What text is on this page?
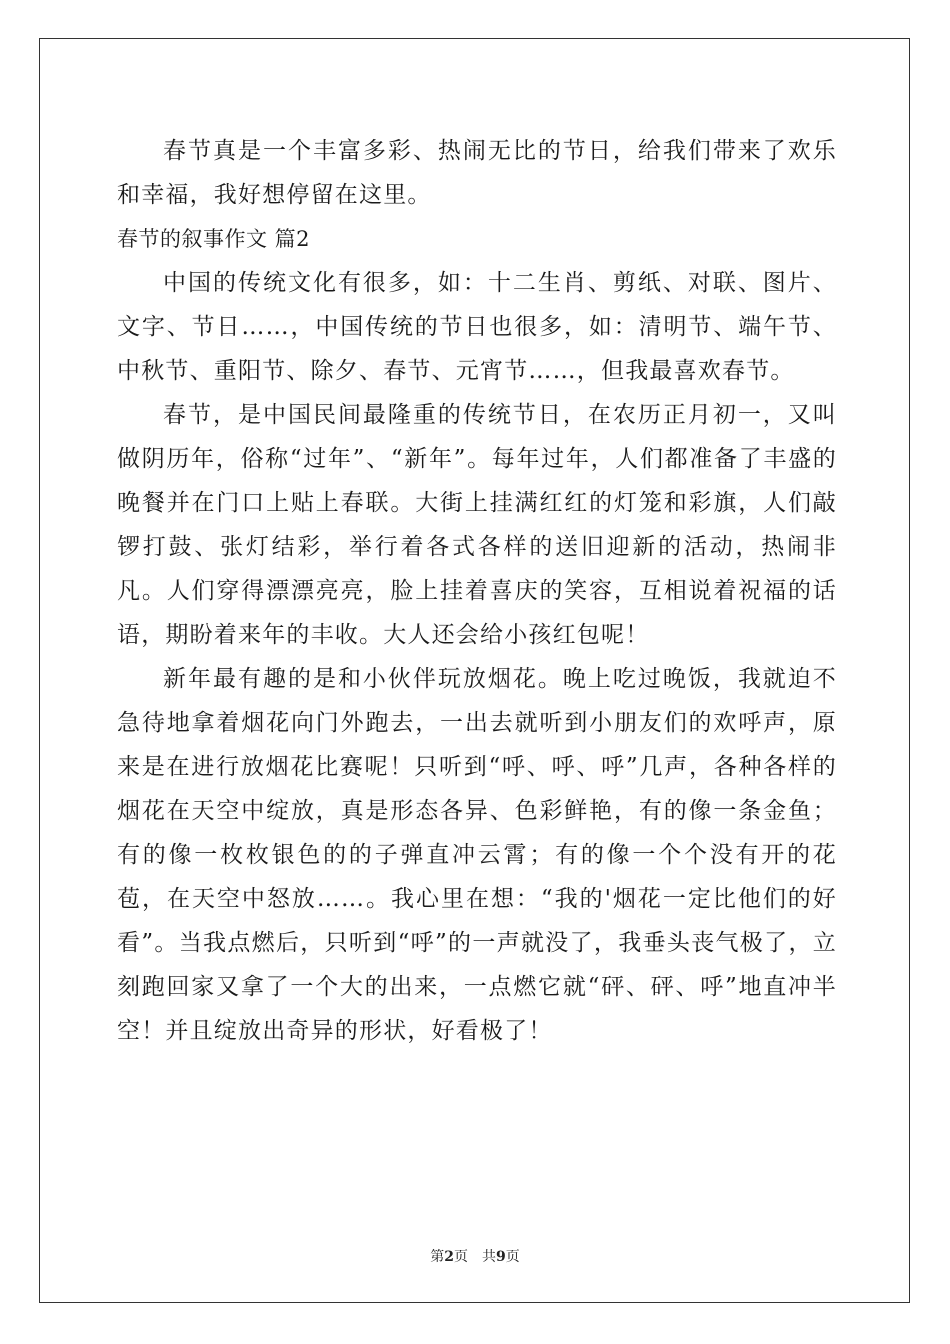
春节真是一个丰富多彩、热闹无比的节日，给我们带来了欢乐和幸福，我好想停留在这里。

春节的叙事作文 篇2

中国的传统文化有很多，如：十二生肖、剪纸、对联、图片、文字、节日……，中国传统的节日也很多，如：清明节、端午节、中秋节、重阳节、除夕、春节、元宵节……，但我最喜欢春节。

春节，是中国民间最隆重的传统节日，在农历正月初一，又叫做阴历年，俗称“过年”、“新年”。每年过年，人们都准备了丰盛的晚餐并在门口上贴上春联。大街上挂满红红的灯笼和彩旗，人们敲锣打鼓、张灯结彩，举行着各式各样的送旧迎新的活动，热闹非凡。人们穿得漂漂亮亮，脸上挂着喜庆的笑容，互相说着祝福的话语，期盼着来年的丰收。大人还会给小孩红包呢！

新年最有趣的是和小伙伴玩放烟花。晚上吃过晚饭，我就迫不急待地拿着烟花向门外跑去，一出去就听到小朋友们的欢呼声，原来是在进行放烟花比赛呢！只听到“呼、呼、呼”几声，各种各样的烟花在天空中绽放，真是形态各异、色彩鲜艳，有的像一条金鱼；有的像一枚枚银色的的子弹直冲云霄；有的像一个个没有开的花苞，在天空中怒放……。我心里在想：“我的'烟花一定比他们的好看”。当我点燃后，只听到“呼”的一声就没了，我垂头丧气极了，立刻跑回家又拿了一个大的出来，一点燃它就“砰、砰、呼”地直冲半空！并且绽放出奇异的形状，好看极了！

第2页 共9页
